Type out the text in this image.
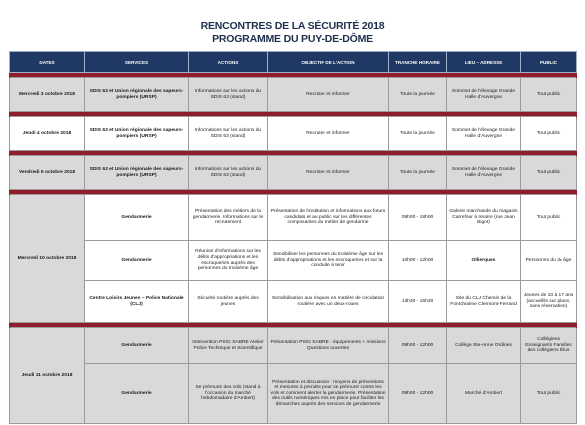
RENCONTRES DE LA SÉCURITÉ 2018
PROGRAMME DU PUY-DE-DÔME
DATES	SERVICES	ACTIONS	OBJECTIF DE L'ACTION	TRANCHE HORAIRE	LIEU – ADRESSE	PUBLIC

Mercredi 3 octobre 2018	SDIS 63 et Union régionale des sapeurs-pompiers (URSP)	Informations sur les actions du SDIS 63 (stand)	Recruter et informer	Toute la journée	Sommet de l'élevage Grande Halle d'Auvergne	Tout public

Jeudi 4 octobre 2018	SDIS 63 et Union régionale des sapeurs-pompiers (URSP)	Informations sur les actions du SDIS 63 (stand)	Recruter et informer	Toute la journée	Sommet de l'élevage Grande Halle d'Auvergne	Tout public

Vendredi 5 octobre 2018	SDIS 63 et Union régionale des sapeurs-pompiers (URSP)	Informations sur les actions du SDIS 63 (stand)	Recruter et informer	Toute la journée	Sommet de l'élevage Grande Halle d'Auvergne	Tout public

Mercredi 10 octobre 2018	Gendarmerie	Présentation des métiers de la gendarmerie. Informations sur le recrutement	Présentation de l'institution et informations aux futurs candidats et au public sur les différentes composantes du métier de gendarme	09h00 - 18h00	Galerie marchande du magasin Carrefour à Issoire (rue Jean Bigot)	Tout public
	Gendarmerie	Réunion d'informations sur les délits d'appropriations et les escroqueries auprès des personnes du troisième âge	Sensibiliser les personnes du troisième âge sur les délits d'appropriations et les escroqueries et sur la conduite à tenir	10h00 - 12h00	Ollierques	Personnes du 3e âge
	Centre Loisirs Jeunes – Police Nationale (CLJ)	Sécurité routière auprès des jeunes	Sensibilisation aux risques en matière de circulation routière avec un deux-roues	13h30 - 15h30	Site du CLJ Chemin de la Fontchiaime Clermont-Ferrand	Jeunes de 10 à 17 ans (accueillis sur place, sans réservation)

Jeudi 11 octobre 2018	Gendarmerie	Intervention PSIG SABRE Atelier Police Technique et Scientifique	Présentation PSIG SABRE : équipements + missions Questions ouvertes	09h00 - 12h00	Collège Ste-Anne Ordines	Collégiens Enseignants Familles des collégiens Élus
	Gendarmerie	Se prémunir des vols (stand à l'occasion du marché hebdomadaire d'Ambert)	Présentation et discussion : moyens de préventions et mesures à prendre pour se prémunir contre les vols et comment alerter la gendarmerie. Présentation des outils numériques mis en place pour faciliter les démarches auprès des services de gendarmerie	09h00 - 12h00	Marché d'Ambert	Tout public
